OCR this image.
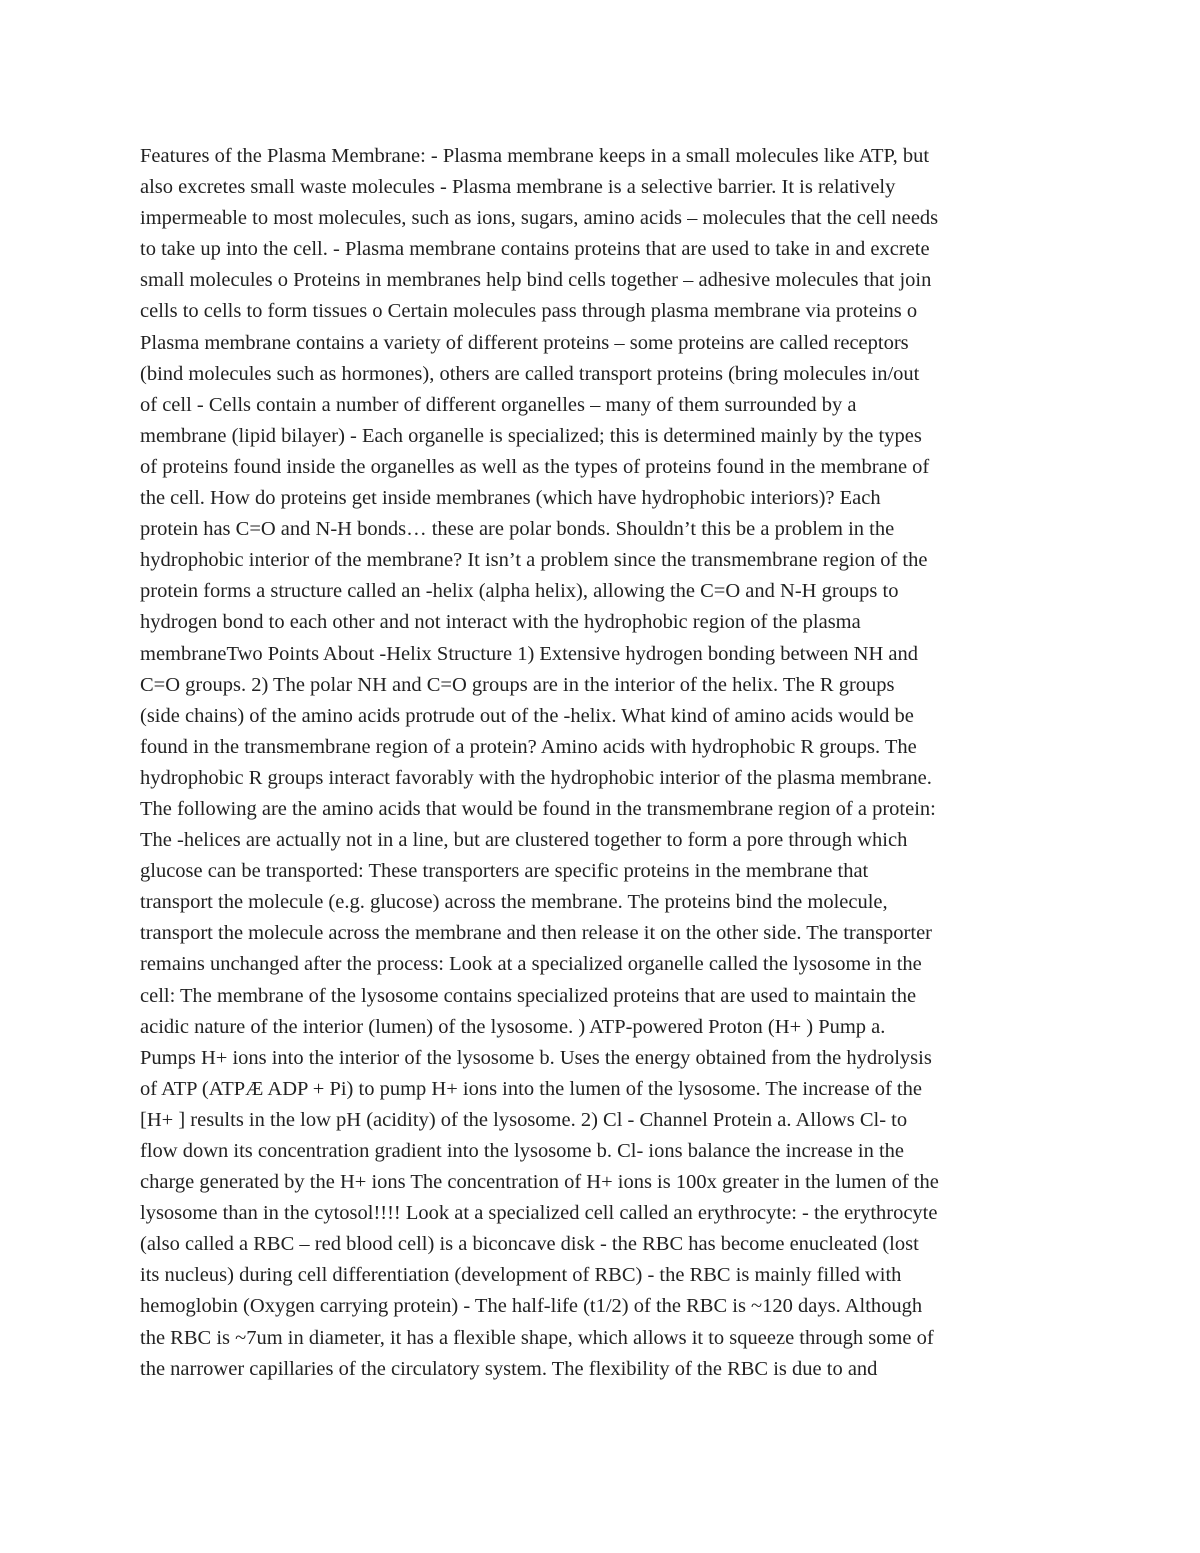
Features of the Plasma Membrane: - Plasma membrane keeps in a small molecules like ATP, but
also excretes small waste molecules - Plasma membrane is a selective barrier. It is relatively
impermeable to most molecules, such as ions, sugars, amino acids – molecules that the cell needs
to take up into the cell. - Plasma membrane contains proteins that are used to take in and excrete
small molecules o Proteins in membranes help bind cells together – adhesive molecules that join
cells to cells to form tissues o Certain molecules pass through plasma membrane via proteins o
Plasma membrane contains a variety of different proteins – some proteins are called receptors
(bind molecules such as hormones), others are called transport proteins (bring molecules in/out
of cell - Cells contain a number of different organelles – many of them surrounded by a
membrane (lipid bilayer) - Each organelle is specialized; this is determined mainly by the types
of proteins found inside the organelles as well as the types of proteins found in the membrane of
the cell. How do proteins get inside membranes (which have hydrophobic interiors)? Each
protein has C=O and N-H bonds… these are polar bonds. Shouldn’t this be a problem in the
hydrophobic interior of the membrane? It isn’t a problem since the transmembrane region of the
protein forms a structure called an -helix (alpha helix), allowing the C=O and N-H groups to
hydrogen bond to each other and not interact with the hydrophobic region of the plasma
membraneTwo Points About -Helix Structure 1) Extensive hydrogen bonding between NH and
C=O groups. 2) The polar NH and C=O groups are in the interior of the helix. The R groups
(side chains) of the amino acids protrude out of the -helix. What kind of amino acids would be
found in the transmembrane region of a protein? Amino acids with hydrophobic R groups. The
hydrophobic R groups interact favorably with the hydrophobic interior of the plasma membrane.
The following are the amino acids that would be found in the transmembrane region of a protein:
The -helices are actually not in a line, but are clustered together to form a pore through which
glucose can be transported: These transporters are specific proteins in the membrane that
transport the molecule (e.g. glucose) across the membrane. The proteins bind the molecule,
transport the molecule across the membrane and then release it on the other side. The transporter
remains unchanged after the process: Look at a specialized organelle called the lysosome in the
cell: The membrane of the lysosome contains specialized proteins that are used to maintain the
acidic nature of the interior (lumen) of the lysosome. ) ATP-powered Proton (H+ ) Pump a.
Pumps H+ ions into the interior of the lysosome b. Uses the energy obtained from the hydrolysis
of ATP (ATPÆ ADP + Pi) to pump H+ ions into the lumen of the lysosome. The increase of the
[H+ ] results in the low pH (acidity) of the lysosome. 2) Cl - Channel Protein a. Allows Cl- to
flow down its concentration gradient into the lysosome b. Cl- ions balance the increase in the
charge generated by the H+ ions The concentration of H+ ions is 100x greater in the lumen of the
lysosome than in the cytosol!!!! Look at a specialized cell called an erythrocyte: - the erythrocyte
(also called a RBC – red blood cell) is a biconcave disk - the RBC has become enucleated (lost
its nucleus) during cell differentiation (development of RBC) - the RBC is mainly filled with
hemoglobin (Oxygen carrying protein) - The half-life (t1/2) of the RBC is ~120 days. Although
the RBC is ~7um in diameter, it has a flexible shape, which allows it to squeeze through some of
the narrower capillaries of the circulatory system. The flexibility of the RBC is due to and
